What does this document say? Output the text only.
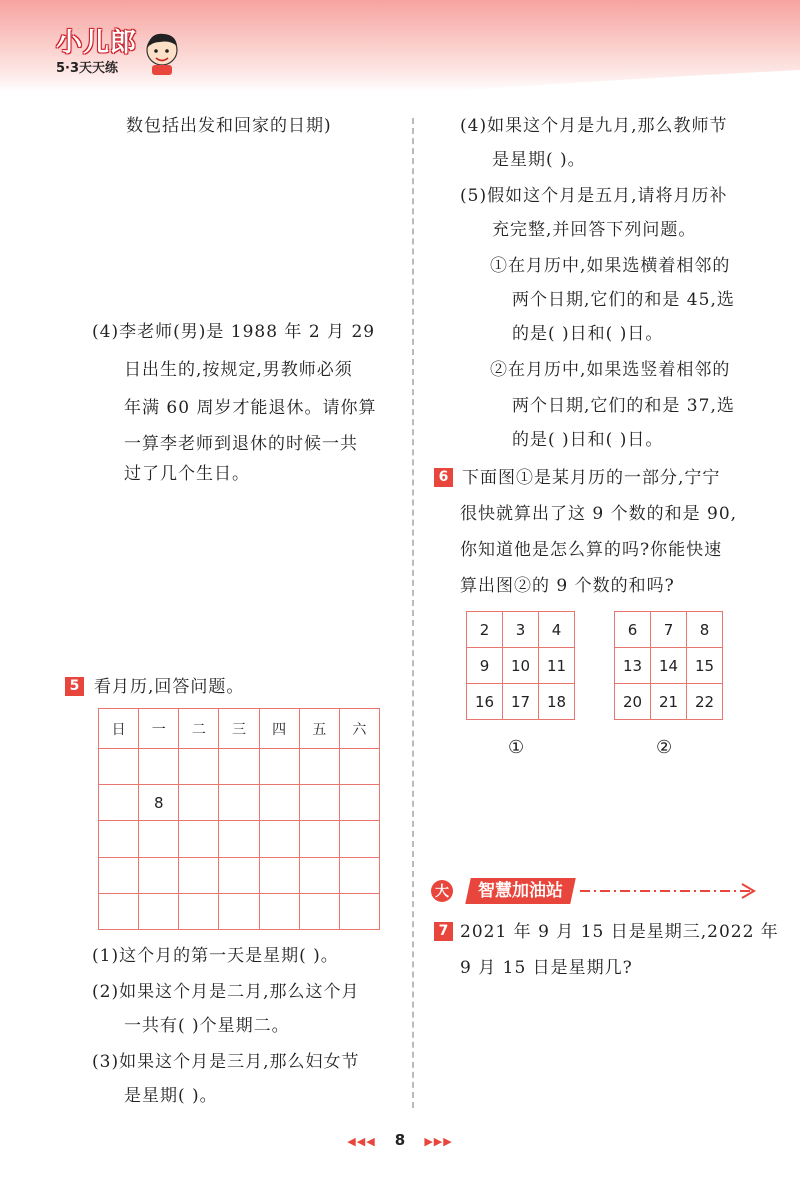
小儿郎
5·3天天练
数包括出发和回家的日期)
(4)李老师(男)是 1988 年 2 月 29
日出生的,按规定,男教师必须
年满 60 周岁才能退休。请你算
一算李老师到退休的时候一共
过了几个生日。
5 看月历,回答问题。
日	一	二	三	四	五	六

	8					

(1)这个月的第一天是星期( )。
(2)如果这个月是二月,那么这个月
一共有( )个星期二。
(3)如果这个月是三月,那么妇女节
是星期( )。
(4)如果这个月是九月,那么教师节
是星期( )。
(5)假如这个月是五月,请将月历补
充完整,并回答下列问题。
①在月历中,如果选横着相邻的
两个日期,它们的和是 45,选
的是( )日和( )日。
②在月历中,如果选竖着相邻的
两个日期,它们的和是 37,选
的是( )日和( )日。
6 下面图①是某月历的一部分,宁宁
很快就算出了这 9 个数的和是 90,
你知道他是怎么算的吗?你能快速
算出图②的 9 个数的和吗?
2	3	4
9	10	11
16	17	18
6	7	8
13	14	15
20	21	22
①	②
大	智慧加油站
7 2021 年 9 月 15 日是星期三,2022 年
9 月 15 日是星期几?
◀◀◀ 8 ▶▶▶
